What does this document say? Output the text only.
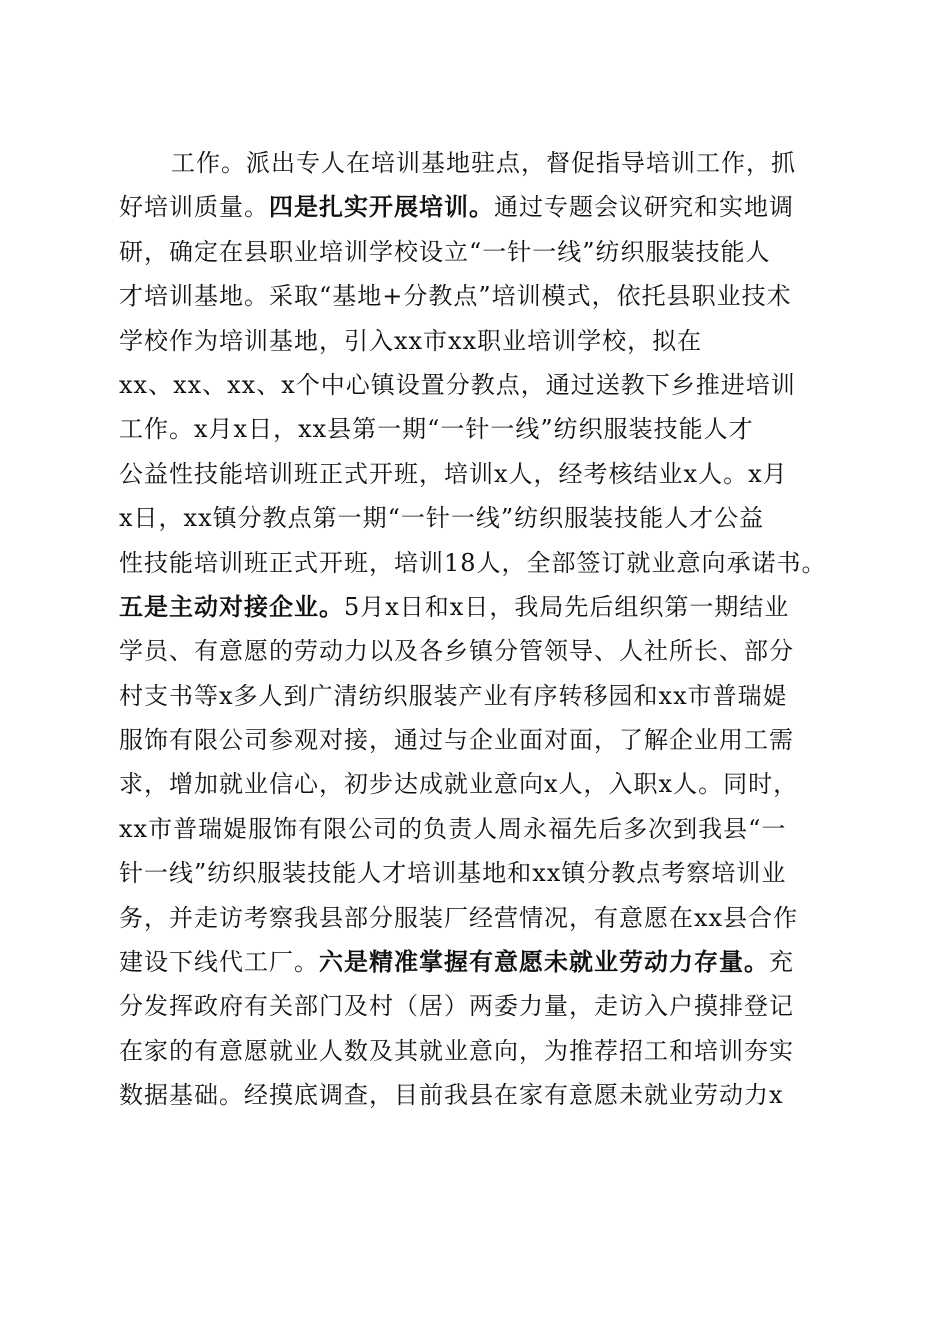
工作。派出专人在培训基地驻点，督促指导培训工作，抓
好培训质量。四是扎实开展培训。通过专题会议研究和实地调
研，确定在县职业培训学校设立“一针一线”纺织服装技能人
才培训基地。采取“基地+分教点”培训模式，依托县职业技术
学校作为培训基地，引入xx市xx职业培训学校，拟在
xx、xx、xx、x个中心镇设置分教点，通过送教下乡推进培训
工作。x月x日，xx县第一期“一针一线”纺织服装技能人才
公益性技能培训班正式开班，培训x人，经考核结业x人。x月
x日，xx镇分教点第一期“一针一线”纺织服装技能人才公益
性技能培训班正式开班，培训18人，全部签订就业意向承诺书。
五是主动对接企业。5月x日和x日，我局先后组织第一期结业
学员、有意愿的劳动力以及各乡镇分管领导、人社所长、部分
村支书等x多人到广清纺织服装产业有序转移园和xx市普瑞媞
服饰有限公司参观对接，通过与企业面对面，了解企业用工需
求，增加就业信心，初步达成就业意向x人，入职x人。同时，
xx市普瑞媞服饰有限公司的负责人周永福先后多次到我县“一
针一线”纺织服装技能人才培训基地和xx镇分教点考察培训业
务，并走访考察我县部分服装厂经营情况，有意愿在xx县合作
建设下线代工厂。六是精准掌握有意愿未就业劳动力存量。充
分发挥政府有关部门及村（居）两委力量，走访入户摸排登记
在家的有意愿就业人数及其就业意向，为推荐招工和培训夯实
数据基础。经摸底调查，目前我县在家有意愿未就业劳动力x
